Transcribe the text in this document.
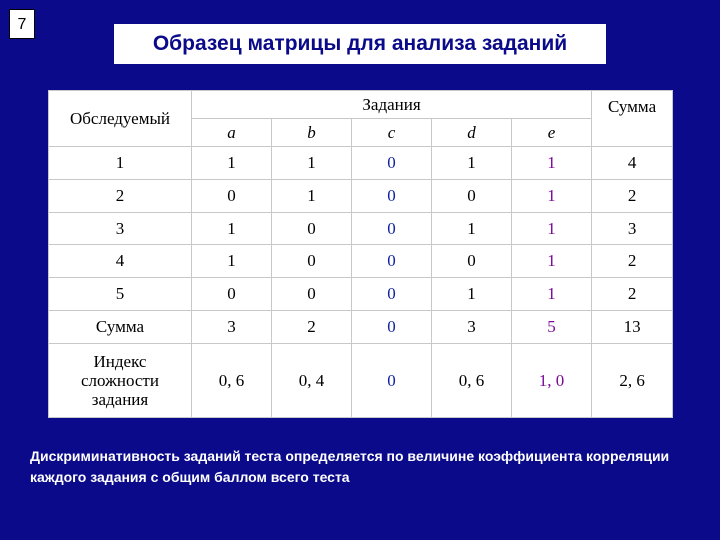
7
Образец матрицы для анализа заданий
Обследуемый	Задания					Сумма
	a	b	c	d	e	
1	1	1	0	1	1	4
2	0	1	0	0	1	2
3	1	0	0	1	1	3
4	1	0	0	0	1	2
5	0	0	0	1	1	2
Сумма	3	2	0	3	5	13

Индекс
сложности
задания	0, 6	0, 4	0	0, 6	1, 0	2, 6
Дискриминативность заданий теста определяется по величине коэффициента корреляции каждого задания с общим баллом всего теста
